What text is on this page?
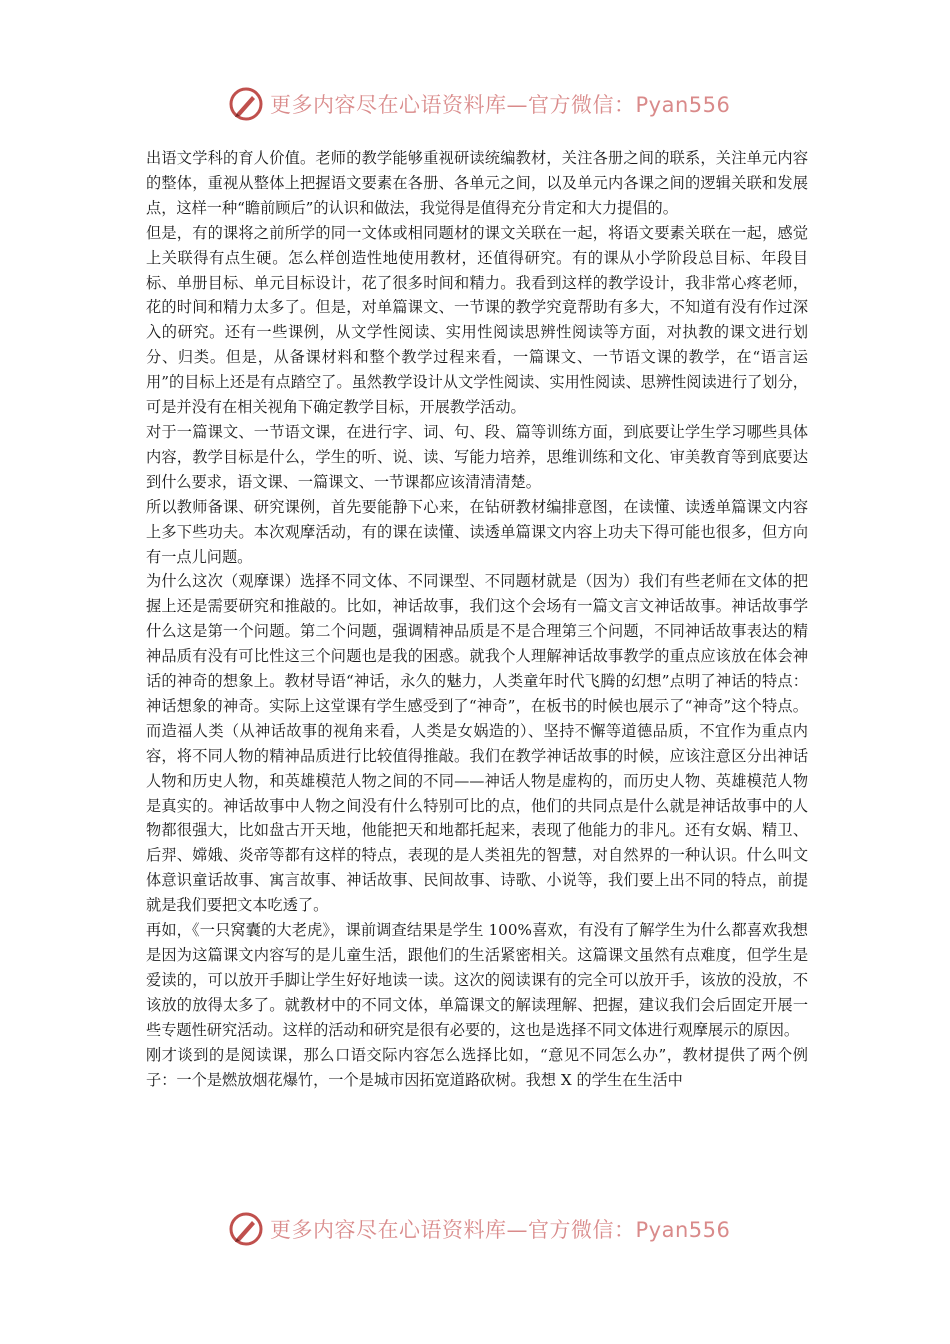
更多内容尽在心语资料库—官方微信：Pyan556

出语文学科的育人价值。老师的教学能够重视研读统编教材，关注各册之间的联系，关注单元内容的整体，重视从整体上把握语文要素在各册、各单元之间，以及单元内各课之间的逻辑关联和发展点，这样一种“瞻前顾后”的认识和做法，我觉得是值得充分肯定和大力提倡的。

但是，有的课将之前所学的同一文体或相同题材的课文关联在一起，将语文要素关联在一起，感觉上关联得有点生硬。怎么样创造性地使用教材，还值得研究。有的课从小学阶段总目标、年段目标、单册目标、单元目标设计，花了很多时间和精力。我看到这样的教学设计，我非常心疼老师，花的时间和精力太多了。但是，对单篇课文、一节课的教学究竟帮助有多大，不知道有没有作过深入的研究。还有一些课例，从文学性阅读、实用性阅读思辨性阅读等方面，对执教的课文进行划分、归类。但是，从备课材料和整个教学过程来看，一篇课文、一节语文课的教学，在“语言运用”的目标上还是有点踏空了。虽然教学设计从文学性阅读、实用性阅读、思辨性阅读进行了划分，可是并没有在相关视角下确定教学目标，开展教学活动。

对于一篇课文、一节语文课，在进行字、词、句、段、篇等训练方面，到底要让学生学习哪些具体内容，教学目标是什么，学生的听、说、读、写能力培养，思维训练和文化、审美教育等到底要达到什么要求，语文课、一篇课文、一节课都应该清清清楚。

所以教师备课、研究课例，首先要能静下心来，在钻研教材编排意图，在读懂、读透单篇课文内容上多下些功夫。本次观摩活动，有的课在读懂、读透单篇课文内容上功夫下得可能也很多，但方向有一点儿问题。

为什么这次（观摩课）选择不同文体、不同课型、不同题材就是（因为）我们有些老师在文体的把握上还是需要研究和推敲的。比如，神话故事，我们这个会场有一篇文言文神话故事。神话故事学什么这是第一个问题。第二个问题，强调精神品质是不是合理第三个问题，不同神话故事表达的精神品质有没有可比性这三个问题也是我的困惑。就我个人理解神话故事教学的重点应该放在体会神话的神奇的想象上。教材导语“神话，永久的魅力，人类童年时代飞腾的幻想”点明了神话的特点：神话想象的神奇。实际上这堂课有学生感受到了“神奇”，在板书的时候也展示了“神奇”这个特点。而造福人类（从神话故事的视角来看，人类是女娲造的）、坚持不懈等道德品质，不宜作为重点内容，将不同人物的精神品质进行比较值得推敲。我们在教学神话故事的时候，应该注意区分出神话人物和历史人物，和英雄模范人物之间的不同——神话人物是虚构的，而历史人物、英雄模范人物是真实的。神话故事中人物之间没有什么特别可比的点，他们的共同点是什么就是神话故事中的人物都很强大，比如盘古开天地，他能把天和地都托起来，表现了他能力的非凡。还有女娲、精卫、后羿、嫦娥、炎帝等都有这样的特点，表现的是人类祖先的智慧，对自然界的一种认识。什么叫文体意识童话故事、寓言故事、神话故事、民间故事、诗歌、小说等，我们要上出不同的特点，前提就是我们要把文本吃透了。

再如，《一只窝囊的大老虎》，课前调查结果是学生 100%喜欢，有没有了解学生为什么都喜欢我想是因为这篇课文内容写的是儿童生活，跟他们的生活紧密相关。这篇课文虽然有点难度，但学生是爱读的，可以放开手脚让学生好好地读一读。这次的阅读课有的完全可以放开手，该放的没放，不该放的放得太多了。就教材中的不同文体，单篇课文的解读理解、把握，建议我们会后固定开展一些专题性研究活动。这样的活动和研究是很有必要的，这也是选择不同文体进行观摩展示的原因。

刚才谈到的是阅读课，那么口语交际内容怎么选择比如，“意见不同怎么办”，教材提供了两个例子：一个是燃放烟花爆竹，一个是城市因拓宽道路砍树。我想 X 的学生在生活中

更多内容尽在心语资料库—官方微信：Pyan556
